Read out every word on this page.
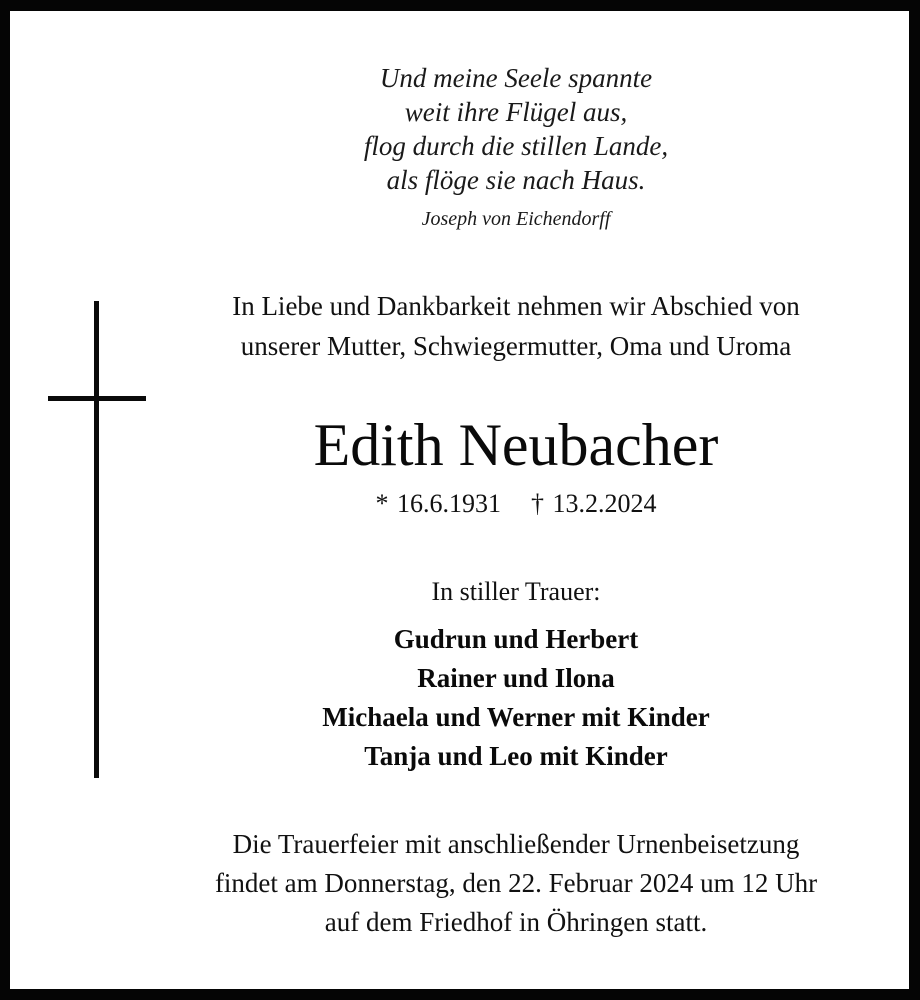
Und meine Seele spannte
weit ihre Flügel aus,
flog durch die stillen Lande,
als flöge sie nach Haus.
Joseph von Eichendorff
In Liebe und Dankbarkeit nehmen wir Abschied von
unserer Mutter, Schwiegermutter, Oma und Uroma
Edith Neubacher
* 16.6.1931 † 13.2.2024
In stiller Trauer:
Gudrun und Herbert
Rainer und Ilona
Michaela und Werner mit Kinder
Tanja und Leo mit Kinder
Die Trauerfeier mit anschließender Urnenbeisetzung
findet am Donnerstag, den 22. Februar 2024 um 12 Uhr
auf dem Friedhof in Öhringen statt.
